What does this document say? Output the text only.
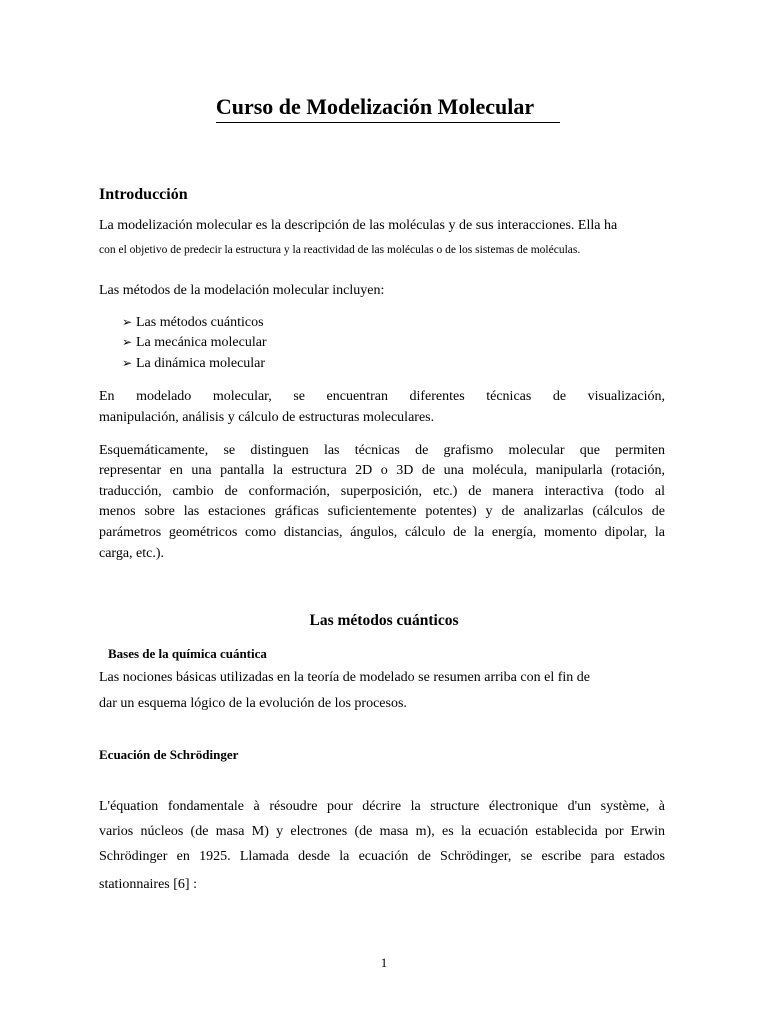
Curso de Modelización Molecular
Introducción
La modelización molecular es la descripción de las moléculas y de sus interacciones. Ella ha
con el objetivo de predecir la estructura y la reactividad de las moléculas o de los sistemas de moléculas.
Las métodos de la modelación molecular incluyen:
➢ Las métodos cuánticos
➢ La mecánica molecular
➢ La dinámica molecular
En modelado molecular, se encuentran diferentes técnicas de visualización,
manipulación, análisis y cálculo de estructuras moleculares.
Esquemáticamente, se distinguen las técnicas de grafismo molecular que permiten
representar en una pantalla la estructura 2D o 3D de una molécula, manipularla (rotación,
traducción, cambio de conformación, superposición, etc.) de manera interactiva (todo al
menos sobre las estaciones gráficas suficientemente potentes) y de analizarlas (cálculos de
parámetros geométricos como distancias, ángulos, cálculo de la energía, momento dipolar, la
carga, etc.).
Las métodos cuánticos
Bases de la química cuántica
Las nociones básicas utilizadas en la teoría de modelado se resumen arriba con el fin de
dar un esquema lógico de la evolución de los procesos.
Ecuación de Schrödinger
L'équation fondamentale à résoudre pour décrire la structure électronique d'un système, à
varios núcleos (de masa M) y electrones (de masa m), es la ecuación establecida por Erwin
Schrödinger en 1925. Llamada desde la ecuación de Schrödinger, se escribe para estados
stationnaires [6] :
1
